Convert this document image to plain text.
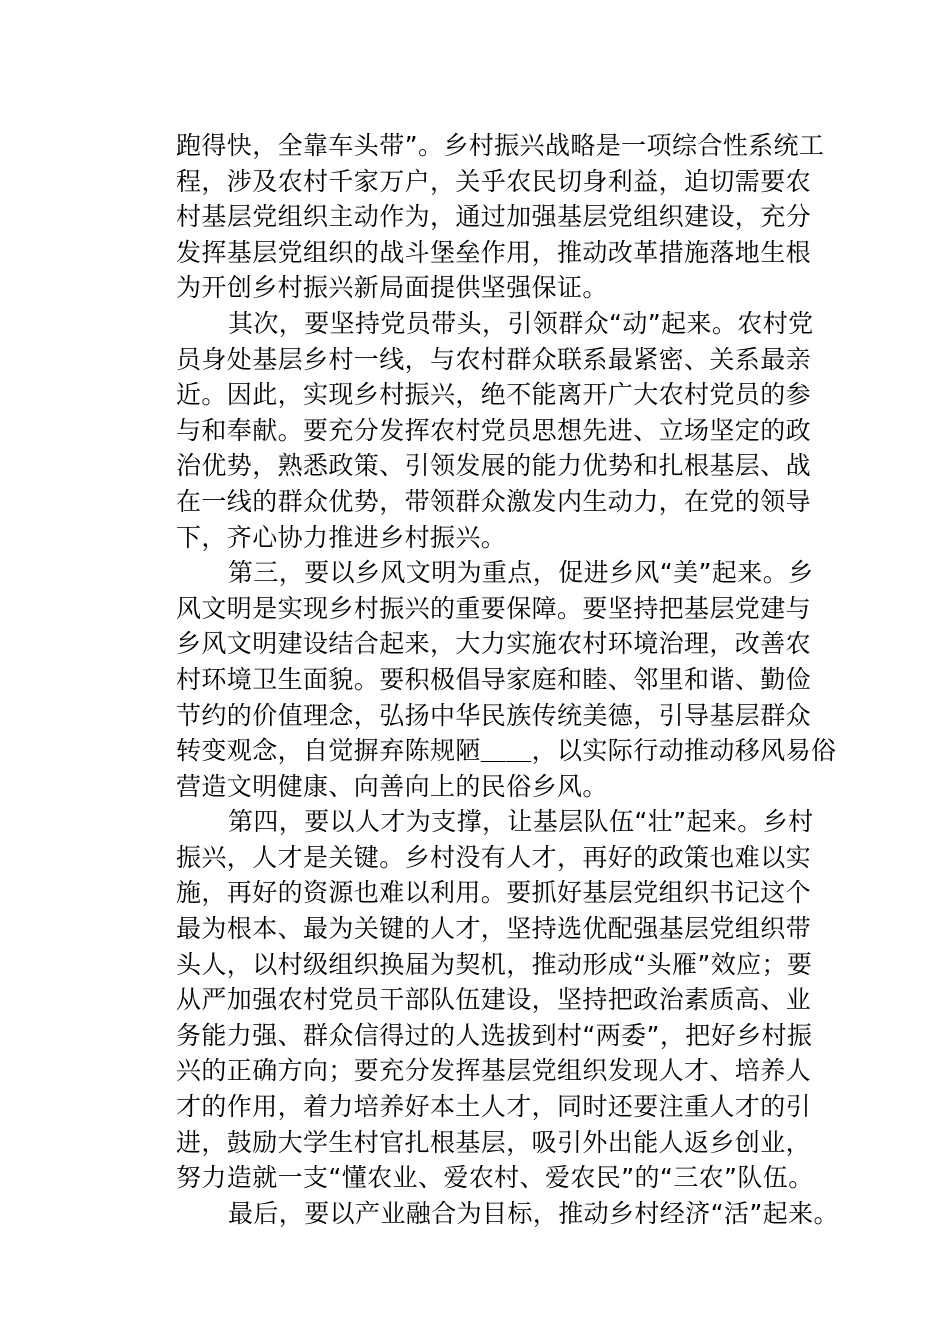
跑得快，全靠车头带”。乡村振兴战略是一项综合性系统工
程，涉及农村千家万户，关乎农民切身利益，迫切需要农
村基层党组织主动作为，通过加强基层党组织建设，充分
发挥基层党组织的战斗堡垒作用，推动改革措施落地生根
为开创乡村振兴新局面提供坚强保证。
其次，要坚持党员带头，引领群众“动”起来。农村党
员身处基层乡村一线，与农村群众联系最紧密、关系最亲
近。因此，实现乡村振兴，绝不能离开广大农村党员的参
与和奉献。要充分发挥农村党员思想先进、立场坚定的政
治优势，熟悉政策、引领发展的能力优势和扎根基层、战
在一线的群众优势，带领群众激发内生动力，在党的领导
下，齐心协力推进乡村振兴。
第三，要以乡风文明为重点，促进乡风“美”起来。乡
风文明是实现乡村振兴的重要保障。要坚持把基层党建与
乡风文明建设结合起来，大力实施农村环境治理，改善农
村环境卫生面貌。要积极倡导家庭和睦、邻里和谐、勤俭
节约的价值理念，弘扬中华民族传统美德，引导基层群众
转变观念，自觉摒弃陈规陋＿＿，以实际行动推动移风易俗
营造文明健康、向善向上的民俗乡风。
第四，要以人才为支撑，让基层队伍“壮”起来。乡村
振兴，人才是关键。乡村没有人才，再好的政策也难以实
施，再好的资源也难以利用。要抓好基层党组织书记这个
最为根本、最为关键的人才，坚持选优配强基层党组织带
头人，以村级组织换届为契机，推动形成“头雁”效应；要
从严加强农村党员干部队伍建设，坚持把政治素质高、业
务能力强、群众信得过的人选拔到村“两委”，把好乡村振
兴的正确方向；要充分发挥基层党组织发现人才、培养人
才的作用，着力培养好本土人才，同时还要注重人才的引
进，鼓励大学生村官扎根基层，吸引外出能人返乡创业，
努力造就一支“懂农业、爱农村、爱农民”的“三农”队伍。
最后，要以产业融合为目标，推动乡村经济“活”起来。
